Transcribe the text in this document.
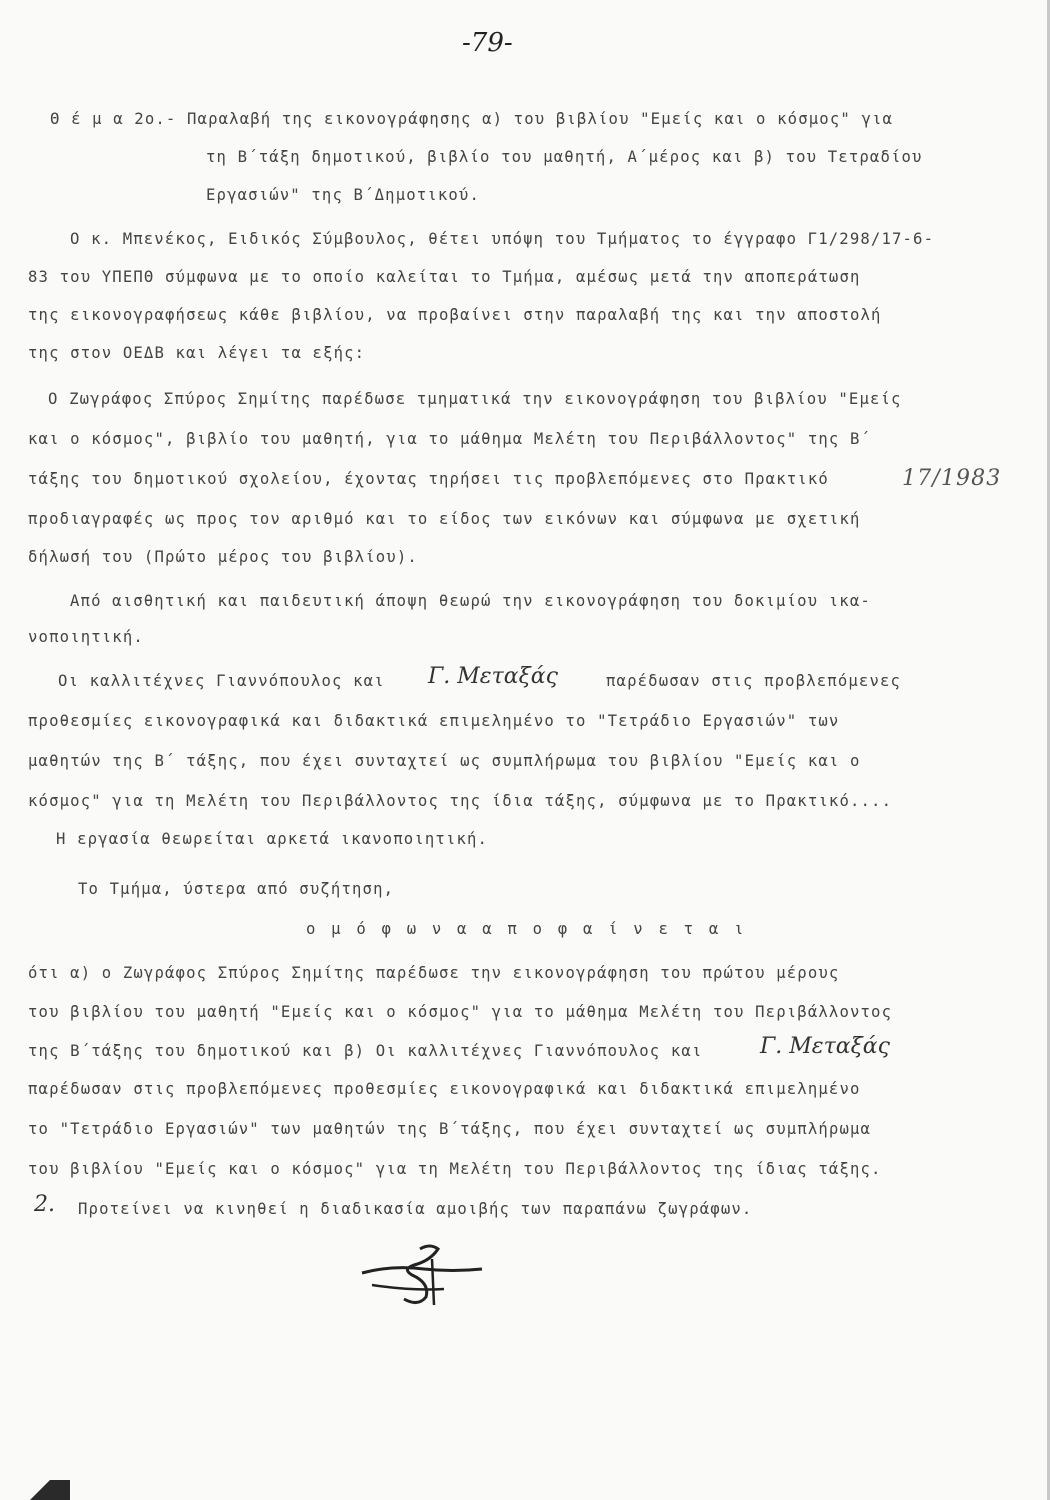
-79-
Θ έ μ α 2ο.- Παραλαβή της εικονογράφησης α) του βιβλίου "Εμείς και ο κόσμος" για
τη Β΄τάξη δημοτικού, βιβλίο του μαθητή, Α΄μέρος και β) του Τετραδίου
Εργασιών" της Β΄Δημοτικού.
Ο κ. Μπενέκος, Ειδικός Σύμβουλος, θέτει υπόψη του Τμήματος το έγγραφο Γ1/298/17-6-
83 του ΥΠΕΠΘ σύμφωνα με το οποίο καλείται το Τμήμα, αμέσως μετά την αποπεράτωση
της εικονογραφήσεως κάθε βιβλίου, να προβαίνει στην παραλαβή της και την αποστολή
της στον ΟΕΔΒ και λέγει τα εξής:
Ο Ζωγράφος Σπύρος Σημίτης παρέδωσε τμηματικά την εικονογράφηση του βιβλίου "Εμείς
και ο κόσμος", βιβλίο του μαθητή, για το μάθημα Μελέτη του Περιβάλλοντος" της Β΄
τάξης του δημοτικού σχολείου, έχοντας τηρήσει τις προβλεπόμενες στο Πρακτικό	17/1983
προδιαγραφές ως προς τον αριθμό και το είδος των εικόνων και σύμφωνα με σχετική
δήλωσή του (Πρώτο μέρος του βιβλίου).
Από αισθητική και παιδευτική άποψη θεωρώ την εικονογράφηση του δοκιμίου ικα-
νοποιητική.
Οι καλλιτέχνες Γιαννόπουλος και Γ. Μεταξάς	παρέδωσαν στις προβλεπόμενες
προθεσμίες εικονογραφικά και διδακτικά επιμελημένο το "Τετράδιο Εργασιών" των
μαθητών της Β΄ τάξης, που έχει συνταχτεί ως συμπλήρωμα του βιβλίου "Εμείς και ο
κόσμος" για τη Μελέτη του Περιβάλλοντος της ίδια τάξης, σύμφωνα με το Πρακτικό....
Η εργασία θεωρείται αρκετά ικανοποιητική.
Το Τμήμα, ύστερα από συζήτηση,
ο μ ό φ ω ν α α π ο φ α ί ν ε τ α ι
ότι α) ο Ζωγράφος Σπύρος Σημίτης παρέδωσε την εικονογράφηση του πρώτου μέρους
του βιβλίου του μαθητή "Εμείς και ο κόσμος" για το μάθημα Μελέτη του Περιβάλλοντος
της Β΄τάξης του δημοτικού και β) Οι καλλιτέχνες Γιαννόπουλος και	Γ. Μεταξάς
παρέδωσαν στις προβλεπόμενες προθεσμίες εικονογραφικά και διδακτικά επιμελημένο
το "Τετράδιο Εργασιών" των μαθητών της Β΄τάξης, που έχει συνταχτεί ως συμπλήρωμα
του βιβλίου "Εμείς και ο κόσμος" για τη Μελέτη του Περιβάλλοντος της ίδιας τάξης.
2. Προτείνει να κινηθεί η διαδικασία αμοιβής των παραπάνω ζωγράφων.
